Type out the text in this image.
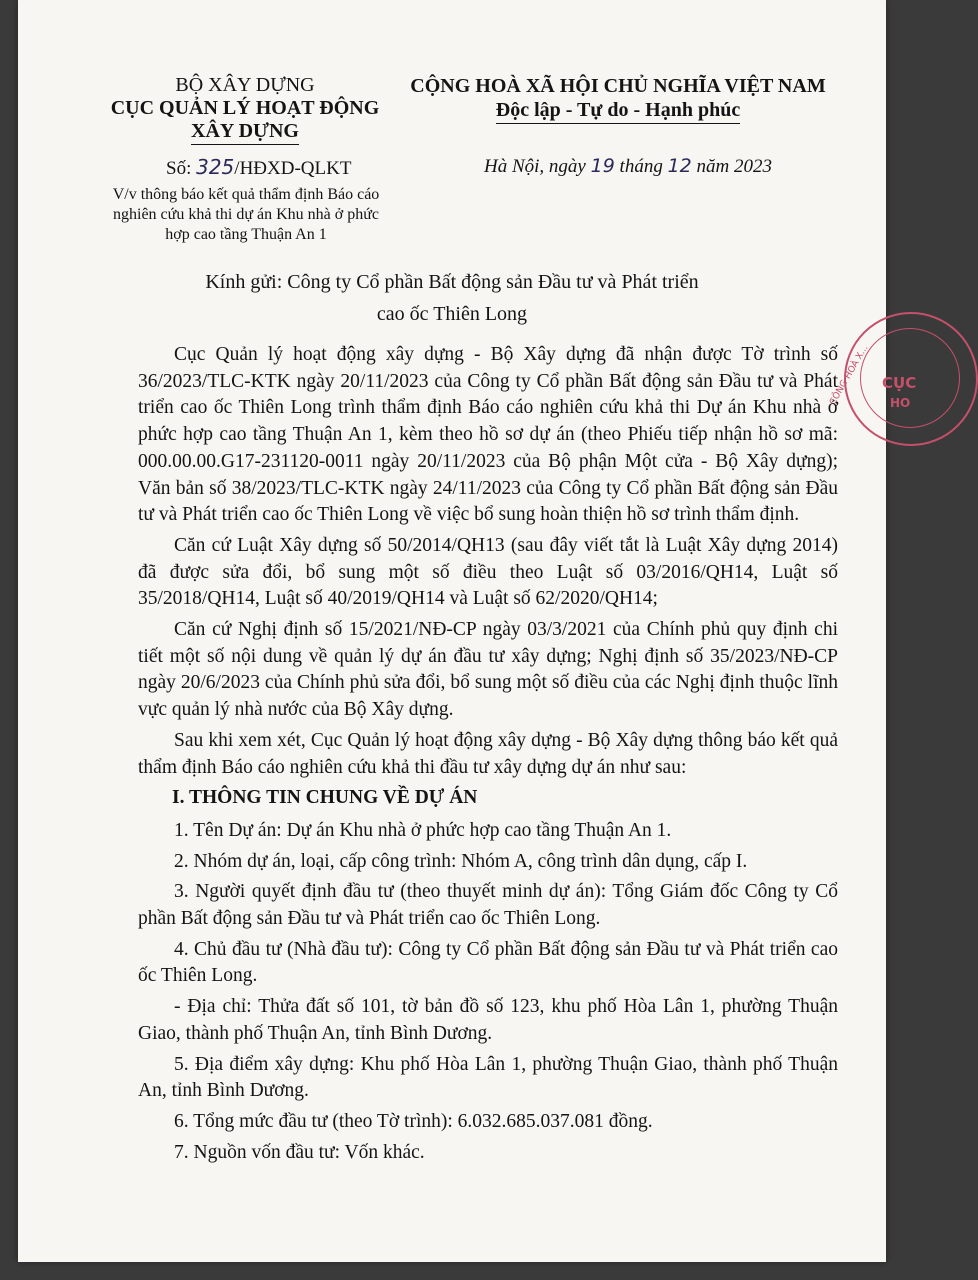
BỘ XÂY DỰNG
CỤC QUẢN LÝ HOẠT ĐỘNG
XÂY DỰNG
CỘNG HOÀ XÃ HỘI CHỦ NGHĨA VIỆT NAM
Độc lập - Tự do - Hạnh phúc
Số: 325/HĐXD-QLKT	Hà Nội, ngày 19 tháng 12 năm 2023
V/v thông báo kết quả thẩm định Báo cáo nghiên cứu khả thi dự án Khu nhà ở phức hợp cao tầng Thuận An 1
Kính gửi: Công ty Cổ phần Bất động sản Đầu tư và Phát triển
cao ốc Thiên Long
CÔNG HOÀ X... CỤC
HO

Cục Quản lý hoạt động xây dựng - Bộ Xây dựng đã nhận được Tờ trình số 36/2023/TLC-KTK ngày 20/11/2023 của Công ty Cổ phần Bất động sản Đầu tư và Phát triển cao ốc Thiên Long trình thẩm định Báo cáo nghiên cứu khả thi Dự án Khu nhà ở phức hợp cao tầng Thuận An 1, kèm theo hồ sơ dự án (theo Phiếu tiếp nhận hồ sơ mã: 000.00.00.G17-231120-0011 ngày 20/11/2023 của Bộ phận Một cửa - Bộ Xây dựng); Văn bản số 38/2023/TLC-KTK ngày 24/11/2023 của Công ty Cổ phần Bất động sản Đầu tư và Phát triển cao ốc Thiên Long về việc bổ sung hoàn thiện hồ sơ trình thẩm định.

Căn cứ Luật Xây dựng số 50/2014/QH13 (sau đây viết tắt là Luật Xây dựng 2014) đã được sửa đổi, bổ sung một số điều theo Luật số 03/2016/QH14, Luật số 35/2018/QH14, Luật số 40/2019/QH14 và Luật số 62/2020/QH14;

Căn cứ Nghị định số 15/2021/NĐ-CP ngày 03/3/2021 của Chính phủ quy định chi tiết một số nội dung về quản lý dự án đầu tư xây dựng; Nghị định số 35/2023/NĐ-CP ngày 20/6/2023 của Chính phủ sửa đổi, bổ sung một số điều của các Nghị định thuộc lĩnh vực quản lý nhà nước của Bộ Xây dựng.

Sau khi xem xét, Cục Quản lý hoạt động xây dựng - Bộ Xây dựng thông báo kết quả thẩm định Báo cáo nghiên cứu khả thi đầu tư xây dựng dự án như sau:

I. THÔNG TIN CHUNG VỀ DỰ ÁN

1. Tên Dự án: Dự án Khu nhà ở phức hợp cao tầng Thuận An 1.

2. Nhóm dự án, loại, cấp công trình: Nhóm A, công trình dân dụng, cấp I.

3. Người quyết định đầu tư (theo thuyết minh dự án): Tổng Giám đốc Công ty Cổ phần Bất động sản Đầu tư và Phát triển cao ốc Thiên Long.

4. Chủ đầu tư (Nhà đầu tư): Công ty Cổ phần Bất động sản Đầu tư và Phát triển cao ốc Thiên Long.

- Địa chỉ: Thửa đất số 101, tờ bản đồ số 123, khu phố Hòa Lân 1, phường Thuận Giao, thành phố Thuận An, tỉnh Bình Dương.

5. Địa điểm xây dựng: Khu phố Hòa Lân 1, phường Thuận Giao, thành phố Thuận An, tỉnh Bình Dương.

6. Tổng mức đầu tư (theo Tờ trình): 6.032.685.037.081 đồng.

7. Nguồn vốn đầu tư: Vốn khác.
